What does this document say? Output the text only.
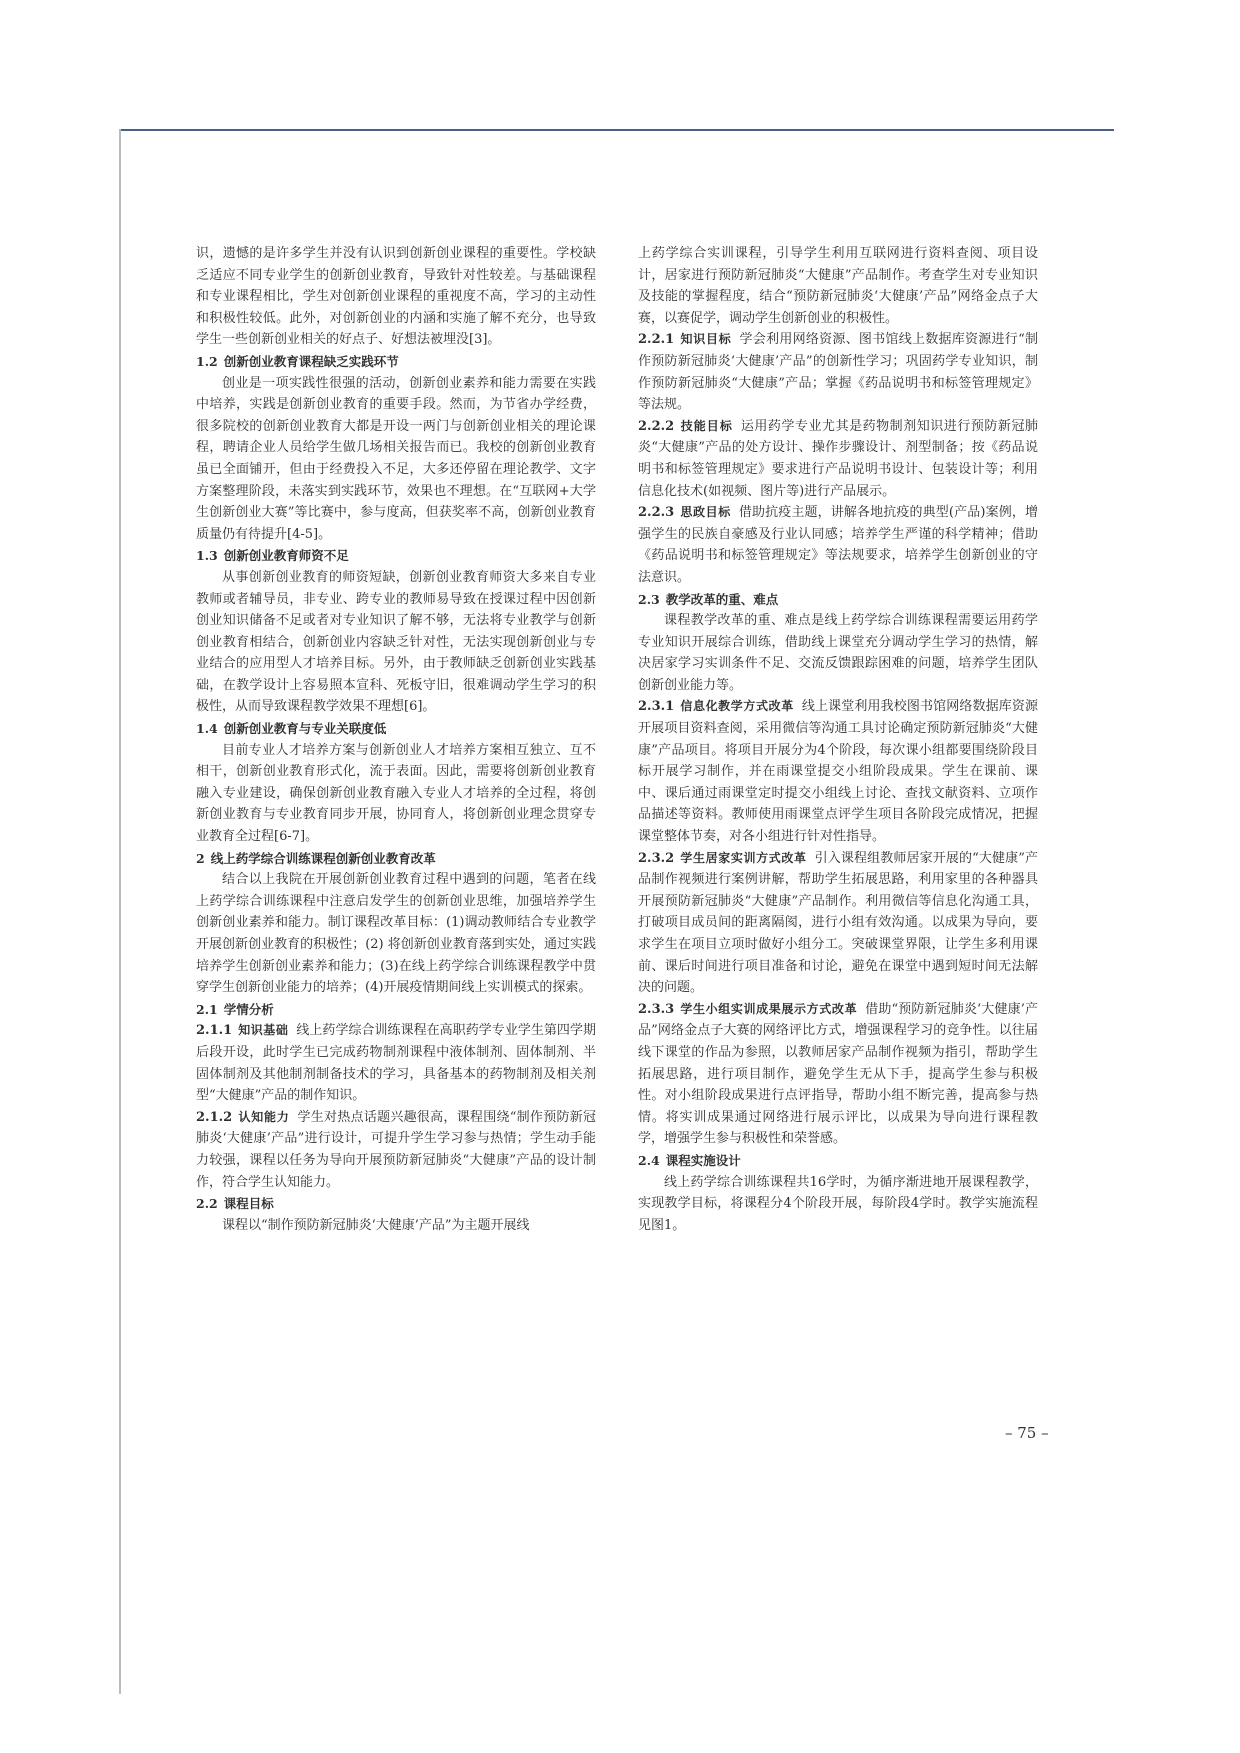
识，遗憾的是许多学生并没有认识到创新创业课程的重要性。学校缺乏适应不同专业学生的创新创业教育，导致针对性较差。与基础课程和专业课程相比，学生对创新创业课程的重视度不高，学习的主动性和积极性较低。此外，对创新创业的内涵和实施了解不充分，也导致学生一些创新创业相关的好点子、好想法被埋没[3]。

1.2 创新创业教育课程缺乏实践环节

创业是一项实践性很强的活动，创新创业素养和能力需要在实践中培养，实践是创新创业教育的重要手段。然而，为节省办学经费，很多院校的创新创业教育大都是开设一两门与创新创业相关的理论课程，聘请企业人员给学生做几场相关报告而已。我校的创新创业教育虽已全面铺开，但由于经费投入不足，大多还停留在理论教学、文字方案整理阶段，未落实到实践环节，效果也不理想。在“互联网+大学生创新创业大赛”等比赛中，参与度高，但获奖率不高，创新创业教育质量仍有待提升[4-5]。

1.3 创新创业教育师资不足

从事创新创业教育的师资短缺，创新创业教育师资大多来自专业教师或者辅导员，非专业、跨专业的教师易导致在授课过程中因创新创业知识储备不足或者对专业知识了解不够，无法将专业教学与创新创业教育相结合，创新创业内容缺乏针对性，无法实现创新创业与专业结合的应用型人才培养目标。另外，由于教师缺乏创新创业实践基础，在教学设计上容易照本宣科、死板守旧，很难调动学生学习的积极性，从而导致课程教学效果不理想[6]。

1.4 创新创业教育与专业关联度低

目前专业人才培养方案与创新创业人才培养方案相互独立、互不相干，创新创业教育形式化，流于表面。因此，需要将创新创业教育融入专业建设，确保创新创业教育融入专业人才培养的全过程，将创新创业教育与专业教育同步开展，协同育人，将创新创业理念贯穿专业教育全过程[6-7]。

2 线上药学综合训练课程创新创业教育改革

结合以上我院在开展创新创业教育过程中遇到的问题，笔者在线上药学综合训练课程中注意启发学生的创新创业思维，加强培养学生创新创业素养和能力。制订课程改革目标：(1)调动教师结合专业教学开展创新创业教育的积极性；(2) 将创新创业教育落到实处，通过实践培养学生创新创业素养和能力；(3)在线上药学综合训练课程教学中贯穿学生创新创业能力的培养；(4)开展疫情期间线上实训模式的探索。

2.1 学情分析

2.1.1 知识基础 线上药学综合训练课程在高职药学专业学生第四学期后段开设，此时学生已完成药物制剂课程中液体制剂、固体制剂、半固体制剂及其他制剂制备技术的学习，具备基本的药物制剂及相关剂型“大健康”产品的制作知识。

2.1.2 认知能力 学生对热点话题兴趣很高，课程围绕“制作预防新冠肺炎‘大健康’产品”进行设计，可提升学生学习参与热情；学生动手能力较强，课程以任务为导向开展预防新冠肺炎“大健康”产品的设计制作，符合学生认知能力。

2.2 课程目标

课程以“制作预防新冠肺炎‘大健康’产品”为主题开展线

上药学综合实训课程，引导学生利用互联网进行资料查阅、项目设计，居家进行预防新冠肺炎“大健康”产品制作。考查学生对专业知识及技能的掌握程度，结合“预防新冠肺炎‘大健康’产品”网络金点子大赛，以赛促学，调动学生创新创业的积极性。

2.2.1 知识目标 学会利用网络资源、图书馆线上数据库资源进行“制作预防新冠肺炎‘大健康’产品”的创新性学习；巩固药学专业知识，制作预防新冠肺炎“大健康”产品；掌握《药品说明书和标签管理规定》等法规。

2.2.2 技能目标 运用药学专业尤其是药物制剂知识进行预防新冠肺炎“大健康”产品的处方设计、操作步骤设计、剂型制备；按《药品说明书和标签管理规定》要求进行产品说明书设计、包装设计等；利用信息化技术(如视频、图片等)进行产品展示。

2.2.3 思政目标 借助抗疫主题，讲解各地抗疫的典型(产品)案例，增强学生的民族自豪感及行业认同感；培养学生严谨的科学精神；借助《药品说明书和标签管理规定》等法规要求，培养学生创新创业的守法意识。

2.3 教学改革的重、难点

课程教学改革的重、难点是线上药学综合训练课程需要运用药学专业知识开展综合训练，借助线上课堂充分调动学生学习的热情，解决居家学习实训条件不足、交流反馈跟踪困难的问题，培养学生团队创新创业能力等。

2.3.1 信息化教学方式改革 线上课堂利用我校图书馆网络数据库资源开展项目资料查阅，采用微信等沟通工具讨论确定预防新冠肺炎“大健康”产品项目。将项目开展分为4个阶段，每次课小组都要围绕阶段目标开展学习制作，并在雨课堂提交小组阶段成果。学生在课前、课中、课后通过雨课堂定时提交小组线上讨论、查找文献资料、立项作品描述等资料。教师使用雨课堂点评学生项目各阶段完成情况，把握课堂整体节奏，对各小组进行针对性指导。

2.3.2 学生居家实训方式改革 引入课程组教师居家开展的“大健康”产品制作视频进行案例讲解，帮助学生拓展思路，利用家里的各种器具开展预防新冠肺炎“大健康”产品制作。利用微信等信息化沟通工具，打破项目成员间的距离隔阂，进行小组有效沟通。以成果为导向，要求学生在项目立项时做好小组分工。突破课堂界限，让学生多利用课前、课后时间进行项目准备和讨论，避免在课堂中遇到短时间无法解决的问题。

2.3.3 学生小组实训成果展示方式改革 借助“预防新冠肺炎‘大健康’产品”网络金点子大赛的网络评比方式，增强课程学习的竞争性。以往届线下课堂的作品为参照，以教师居家产品制作视频为指引，帮助学生拓展思路，进行项目制作，避免学生无从下手，提高学生参与积极性。对小组阶段成果进行点评指导，帮助小组不断完善，提高参与热情。将实训成果通过网络进行展示评比，以成果为导向进行课程教学，增强学生参与积极性和荣誉感。

2.4 课程实施设计

线上药学综合训练课程共16学时，为循序渐进地开展课程教学，实现教学目标，将课程分4个阶段开展，每阶段4学时。教学实施流程见图1。

– 75 –
